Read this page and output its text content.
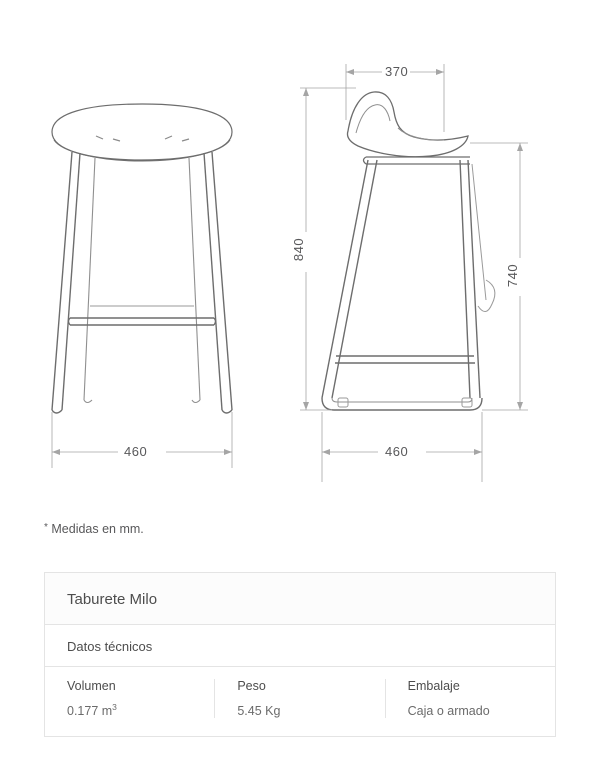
460
370
840
740
460
* Medidas en mm.
Taburete Milo
Datos técnicos
Volumen
0.177 $m^3$
Peso
5.45 Kg
Embalaje
Caja o armado
